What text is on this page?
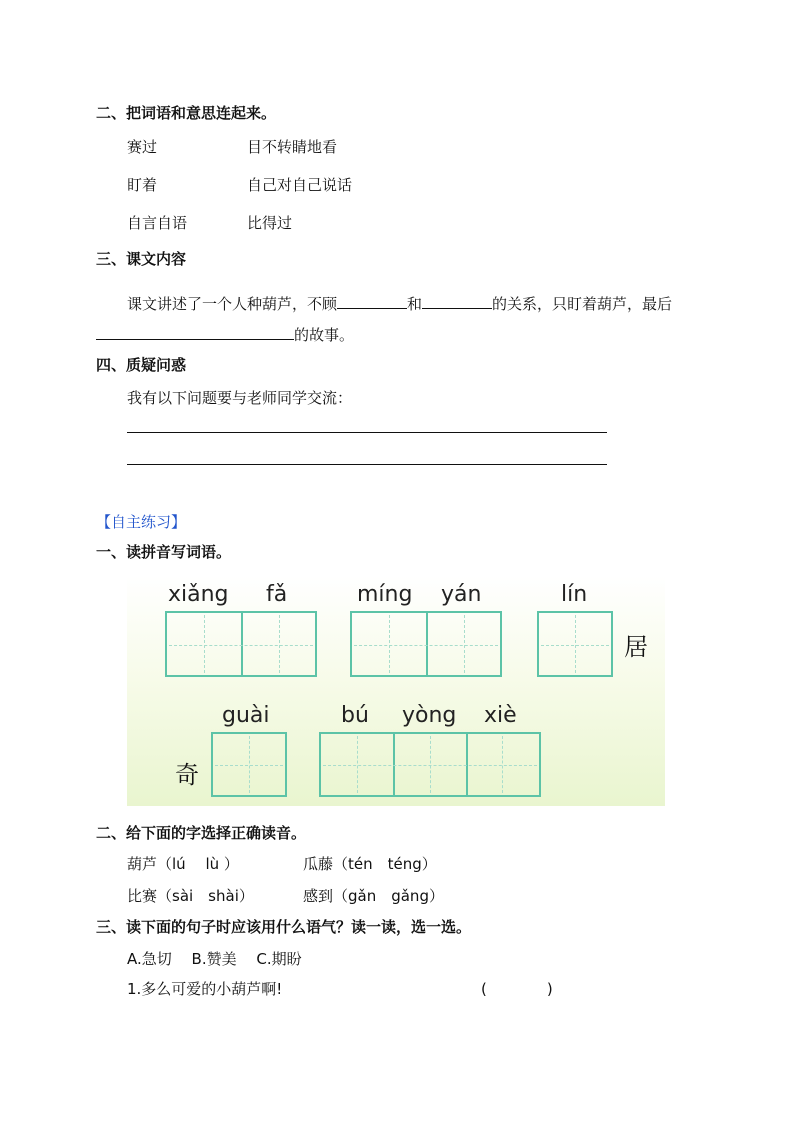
二、把词语和意思连起来。
赛过	目不转睛地看
盯着	自己对自己说话
自言自语	比得过
三、课文内容
课文讲述了一个人种葫芦，不顾	和	的关系，只盯着葫芦，最后
的故事。
四、质疑问惑
我有以下问题要与老师同学交流：
【自主练习】
一、读拼音写词语。
xiǎng fǎ	míng yán	lín
居
guài	bú yòng xiè
奇
二、给下面的字选择正确读音。
葫芦（lú　 lù ）	瓜藤（tén　téng）
比赛（sài　shài）	感到（gǎn　gǎng）
三、读下面的句子时应该用什么语气？读一读，选一选。
A.急切　 B.赞美　 C.期盼
1.多么可爱的小葫芦啊!	(　　　　)
